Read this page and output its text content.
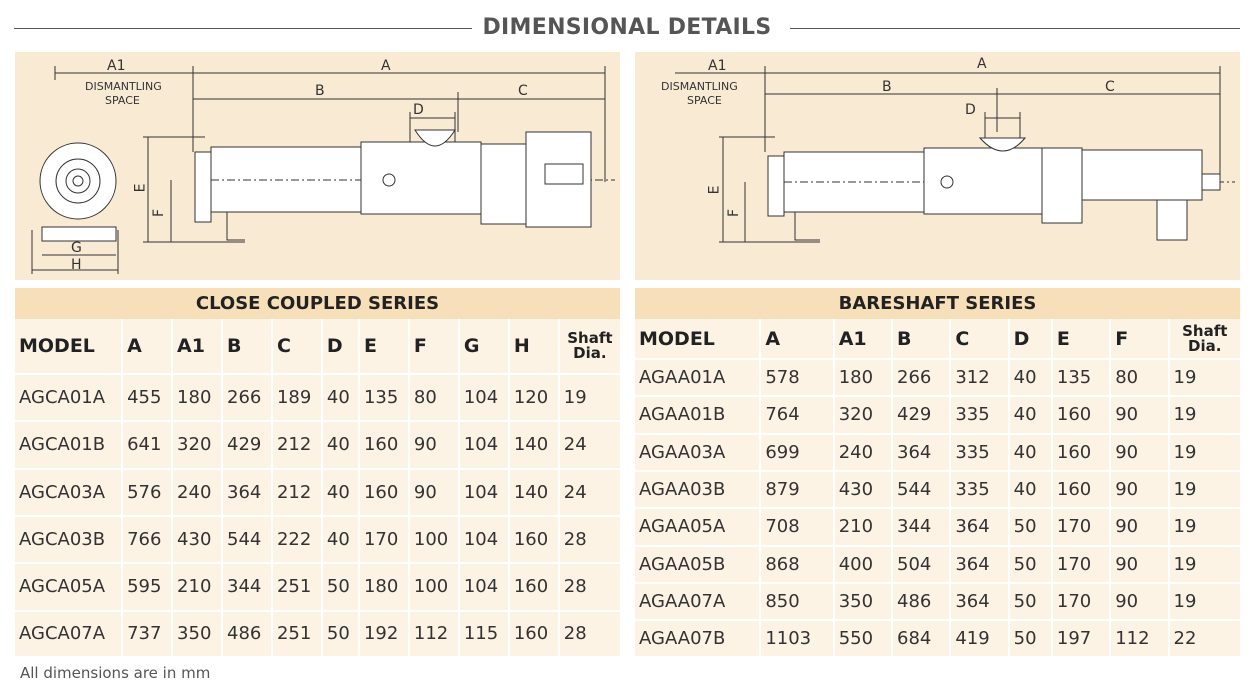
DIMENSIONAL DETAILS
A1	A
B	C
D
E
F
G
H
DISMANTLING
SPACE
A1	A
B	C
D
E
F
DISMANTLING
SPACE
CLOSE COUPLED SERIES	BARESHAFT SERIES
MODEL	A	A1	B	C	D	E	F	G	H	Shaft
Dia.

AGCA01A	455	180	266	189	40	135	80	104	120	19
AGCA01B	641	320	429	212	40	160	90	104	140	24
AGCA03A	576	240	364	212	40	160	90	104	140	24
AGCA03B	766	430	544	222	40	170	100	104	160	28
AGCA05A	595	210	344	251	50	180	100	104	160	28
AGCA07A	737	350	486	251	50	192	112	115	160	28
MODEL	A	A1	B	C	D	E	F	Shaft
Dia.

AGAA01A	578	180	266	312	40	135	80	19
AGAA01B	764	320	429	335	40	160	90	19
AGAA03A	699	240	364	335	40	160	90	19
AGAA03B	879	430	544	335	40	160	90	19
AGAA05A	708	210	344	364	50	170	90	19
AGAA05B	868	400	504	364	50	170	90	19
AGAA07A	850	350	486	364	50	170	90	19
AGAA07B	1103	550	684	419	50	197	112	22
All dimensions are in mm
